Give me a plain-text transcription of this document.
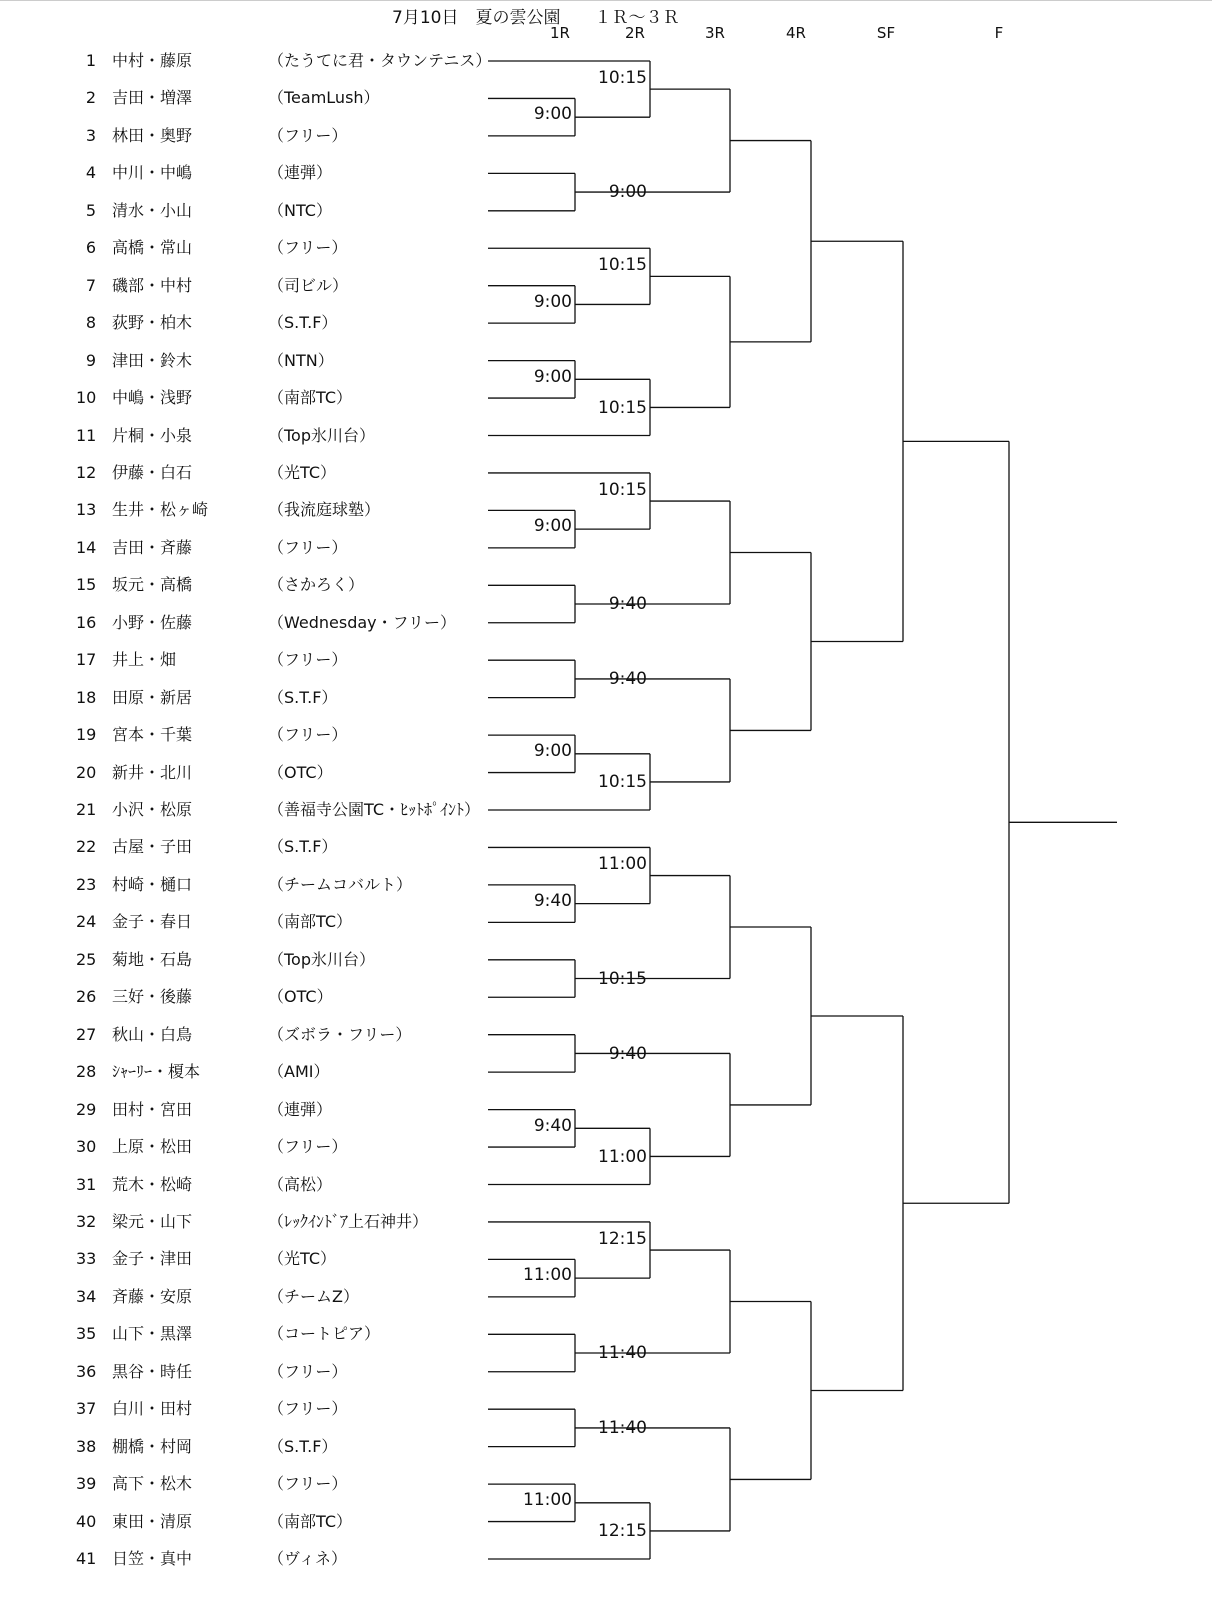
7月10日　夏の雲公園　　１Ｒ～３Ｒ
1R	2R	3R	4R	SF	F
1 中村・藤原	（たうてに君・タウンテニス）
2 吉田・増澤	（TeamLush）
3 林田・奥野	（フリー）
4 中川・中嶋	（連弾）
5 清水・小山	（NTC）
6 高橋・常山	（フリー）
7 磯部・中村	（司ビル）
8 荻野・柏木	（S.T.F）
9 津田・鈴木	（NTN）
10 中嶋・浅野	（南部TC）
11 片桐・小泉	（Top氷川台）
12 伊藤・白石	（光TC）
13 生井・松ヶ崎	（我流庭球塾）
14 吉田・斉藤	（フリー）
15 坂元・高橋	（さかろく）
16 小野・佐藤	（Wednesday・フリー）
17 井上・畑	（フリー）
18 田原・新居	（S.T.F）
19 宮本・千葉	（フリー）
20 新井・北川	（OTC）
21 小沢・松原	（善福寺公園TC・ﾋｯﾄﾎﾟｲﾝﾄ）
22 古屋・子田	（S.T.F）
23 村崎・樋口	（チームコバルト）
24 金子・春日	（南部TC）
25 菊地・石島	（Top氷川台）
26 三好・後藤	（OTC）
27 秋山・白鳥	（ズボラ・フリー）
28 ｼｬｰﾘｰ・榎本	（AMI）
29 田村・宮田	（連弾）
30 上原・松田	（フリー）
31 荒木・松崎	（高松）
32 梁元・山下	（ﾚｯｸｲﾝﾄﾞｱ上石神井）
33 金子・津田	（光TC）
34 斉藤・安原	（チームZ）
35 山下・黒澤	（コートピア）
36 黒谷・時任	（フリー）
37 白川・田村	（フリー）
38 棚橋・村岡	（S.T.F）
39 高下・松木	（フリー）
40 東田・清原	（南部TC）
41 日笠・真中	（ヴィネ）
10:15
9:00
9:00
10:15
9:00
9:00
10:15
10:15
9:00
9:40
9:40
9:00
10:15
11:00
9:40
10:15
9:40
9:40
11:00
12:15
11:00
11:40
11:40
11:00
12:15
